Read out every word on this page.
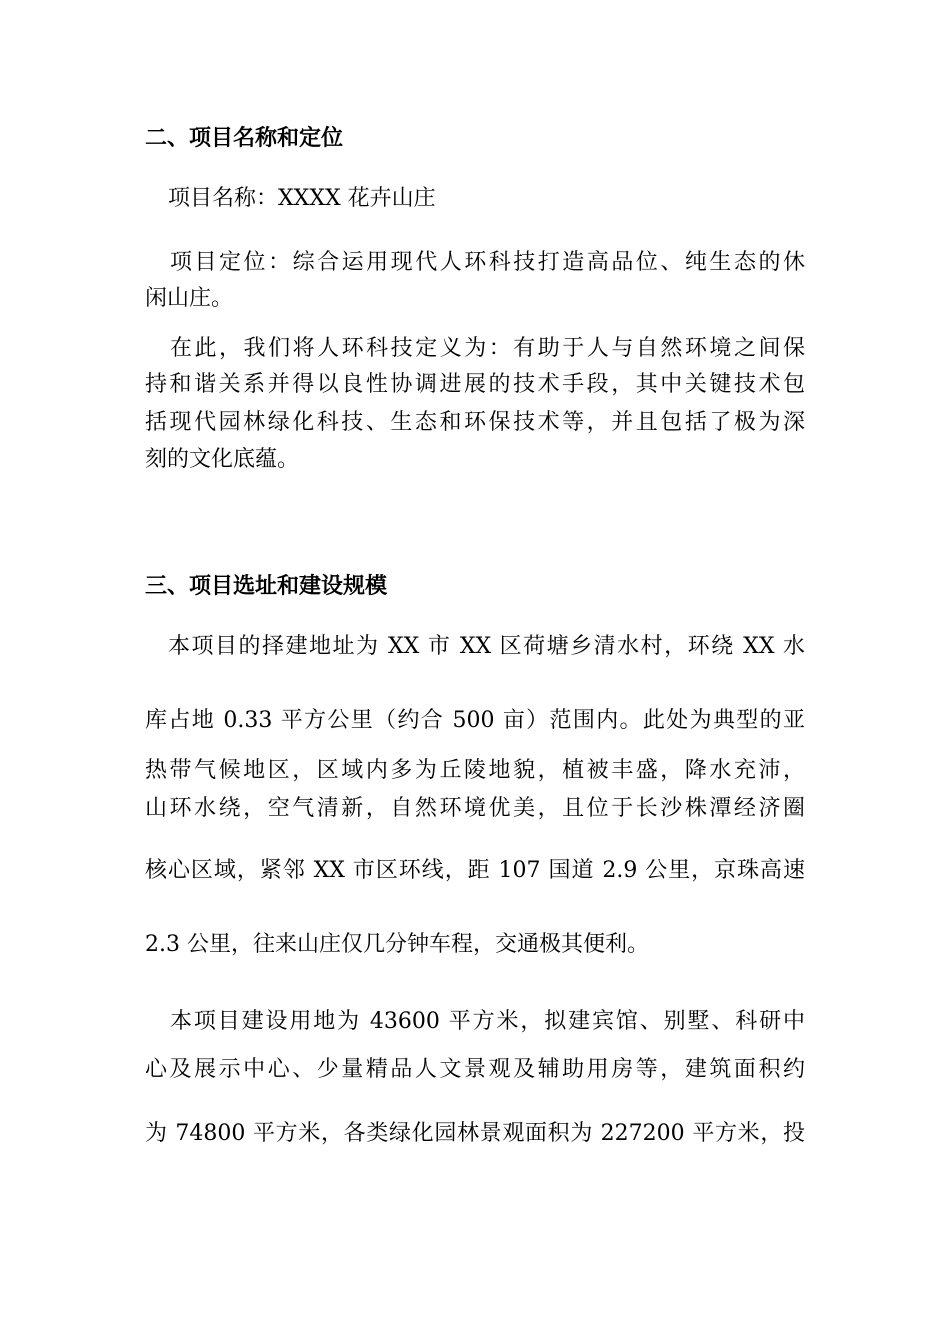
二、项目名称和定位
项目名称：XXXX 花卉山庄
项目定位：综合运用现代人环科技打造高品位、纯生态的休
闲山庄。
在此，我们将人环科技定义为：有助于人与自然环境之间保
持和谐关系并得以良性协调进展的技术手段，其中关键技术包
括现代园林绿化科技、生态和环保技术等，并且包括了极为深
刻的文化底蕴。
三、项目选址和建设规模
本项目的择建地址为 XX 市 XX 区荷塘乡清水村，环绕 XX 水
库占地 0.33 平方公里（约合 500 亩）范围内。此处为典型的亚
热带气候地区，区域内多为丘陵地貌，植被丰盛，降水充沛，
山环水绕，空气清新，自然环境优美，且位于长沙株潭经济圈
核心区域，紧邻 XX 市区环线，距 107 国道 2.9 公里，京珠高速
2.3 公里，往来山庄仅几分钟车程，交通极其便利。
本项目建设用地为 43600 平方米，拟建宾馆、别墅、科研中
心及展示中心、少量精品人文景观及辅助用房等，建筑面积约
为 74800 平方米，各类绿化园林景观面积为 227200 平方米，投
